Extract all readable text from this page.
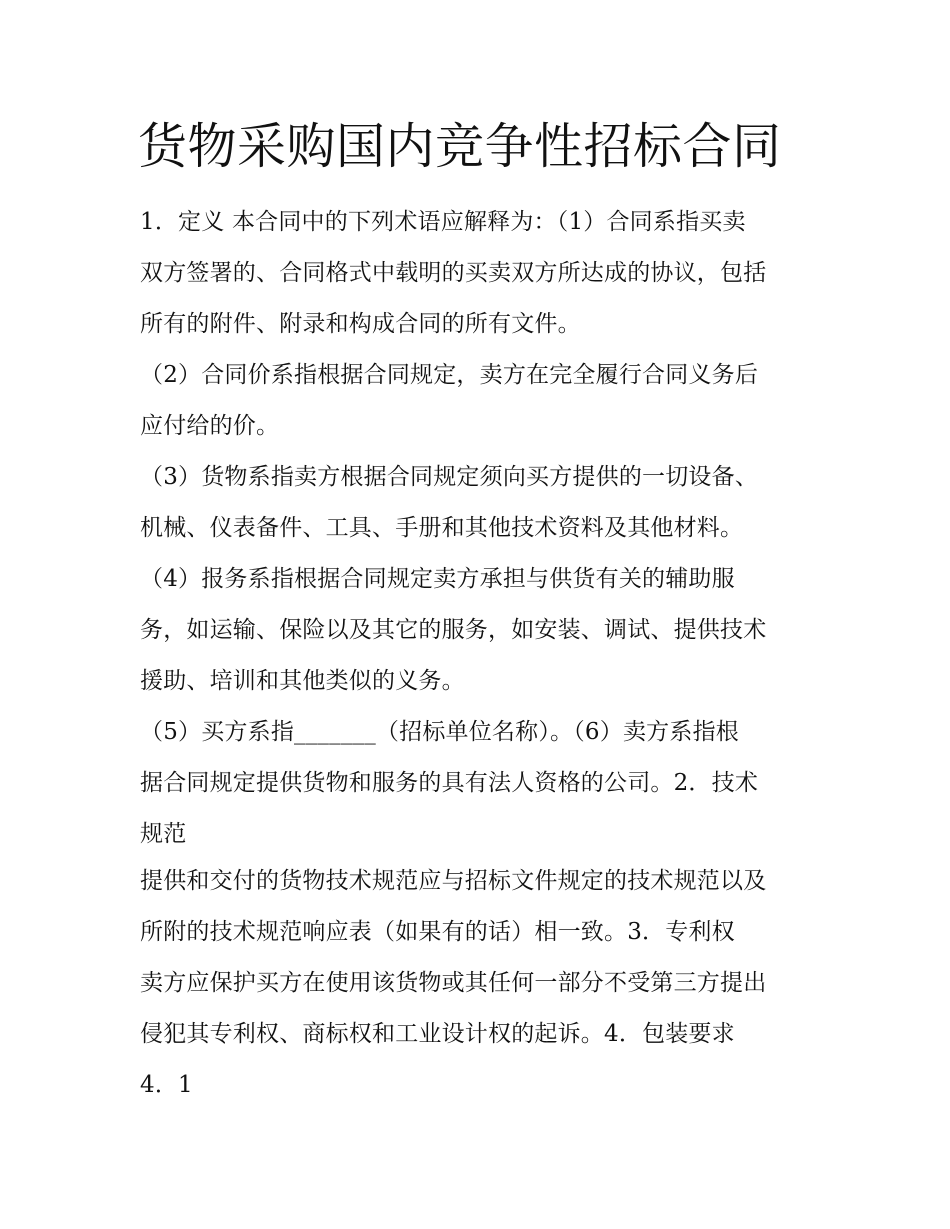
货物采购国内竞争性招标合同
1．定义 本合同中的下列术语应解释为：（1）合同系指买卖
双方签署的、合同格式中载明的买卖双方所达成的协议，包括
所有的附件、附录和构成合同的所有文件。
（2）合同价系指根据合同规定，卖方在完全履行合同义务后
应付给的价。
（3）货物系指卖方根据合同规定须向买方提供的一切设备、
机械、仪表备件、工具、手册和其他技术资料及其他材料。
（4）报务系指根据合同规定卖方承担与供货有关的辅助服
务，如运输、保险以及其它的服务，如安装、调试、提供技术
援助、培训和其他类似的义务。
（5）买方系指_______（招标单位名称）。（6）卖方系指根
据合同规定提供货物和服务的具有法人资格的公司。2．技术
规范
提供和交付的货物技术规范应与招标文件规定的技术规范以及
所附的技术规范响应表（如果有的话）相一致。3．专利权
卖方应保护买方在使用该货物或其任何一部分不受第三方提出
侵犯其专利权、商标权和工业设计权的起诉。4．包装要求
4．1
